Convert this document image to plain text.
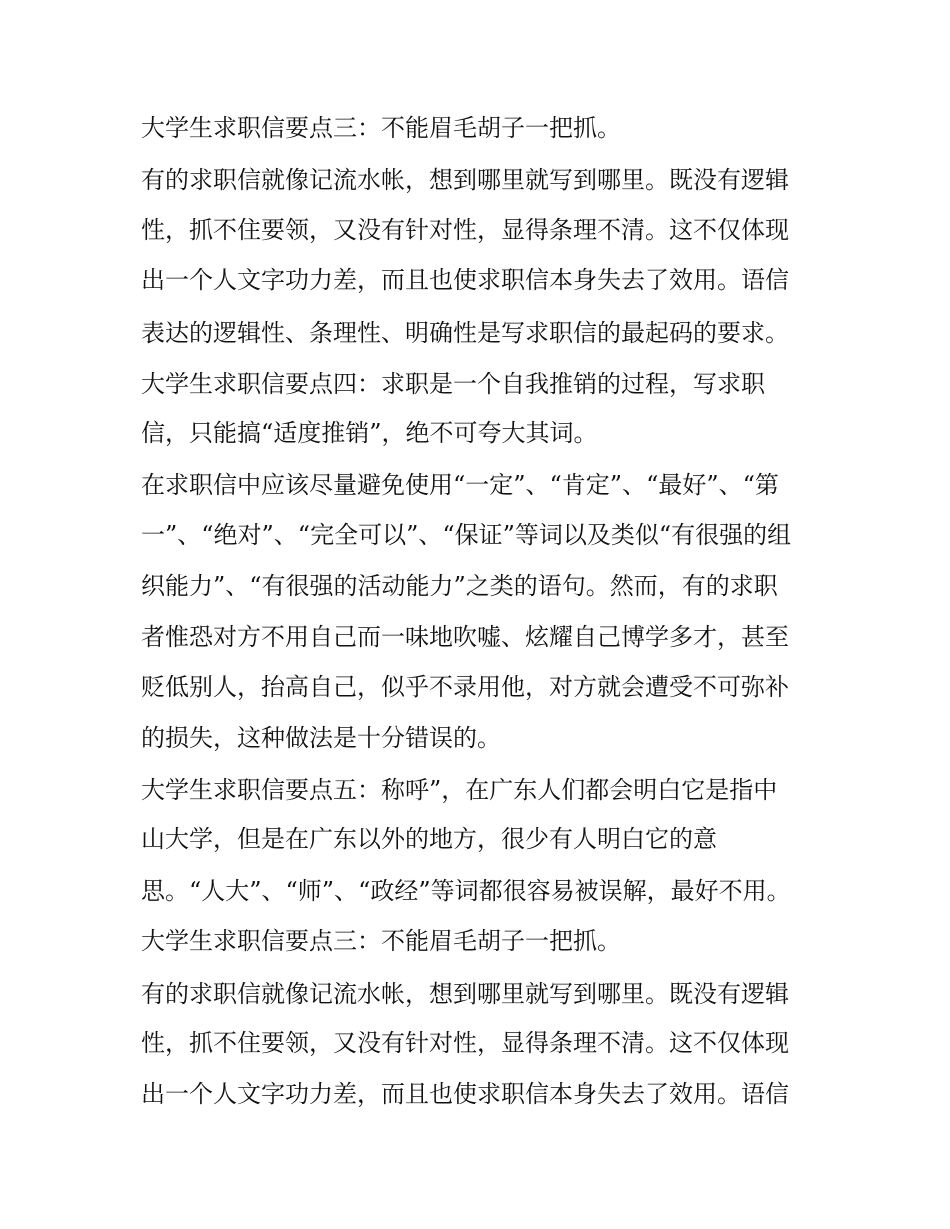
大学生求职信要点三：不能眉毛胡子一把抓。
有的求职信就像记流水帐，想到哪里就写到哪里。既没有逻辑
性，抓不住要领，又没有针对性，显得条理不清。这不仅体现
出一个人文字功力差，而且也使求职信本身失去了效用。语信
表达的逻辑性、条理性、明确性是写求职信的最起码的要求。
大学生求职信要点四：求职是一个自我推销的过程，写求职
信，只能搞“适度推销”，绝不可夸大其词。
在求职信中应该尽量避免使用“一定”、“肯定”、“最好”、“第
一”、“绝对”、“完全可以”、“保证”等词以及类似“有很强的组
织能力”、“有很强的活动能力”之类的语句。然而，有的求职
者惟恐对方不用自己而一味地吹嘘、炫耀自己博学多才，甚至
贬低别人，抬高自己，似乎不录用他，对方就会遭受不可弥补
的损失，这种做法是十分错误的。
大学生求职信要点五：称呼”，在广东人们都会明白它是指中
山大学，但是在广东以外的地方，很少有人明白它的意
思。“人大”、“师”、“政经”等词都很容易被误解，最好不用。
大学生求职信要点三：不能眉毛胡子一把抓。
有的求职信就像记流水帐，想到哪里就写到哪里。既没有逻辑
性，抓不住要领，又没有针对性，显得条理不清。这不仅体现
出一个人文字功力差，而且也使求职信本身失去了效用。语信
